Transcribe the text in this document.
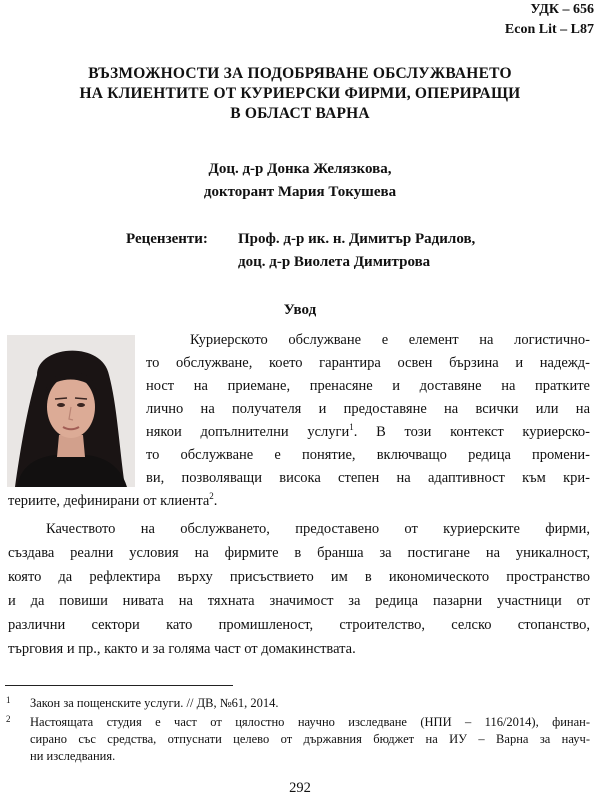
УДК – 656
Econ Lit – L87
ВЪЗМОЖНОСТИ ЗА ПОДОБРЯВАНЕ ОБСЛУЖВАНЕТО
НА КЛИЕНТИТЕ ОТ КУРИЕРСКИ ФИРМИ, ОПЕРИРАЩИ
В ОБЛАСТ ВАРНА
Доц. д-р Донка Желязкова,
докторант Мария Токушева
Рецензенти: Проф. д-р ик. н. Димитър Радилов,
доц. д-р Виолета Димитрова
Увод
Куриерското обслужване е елемент на логистично-
то обслужване, което гарантира освен бързина и надежд-
ност на приемане, пренасяне и доставяне на пратките
лично на получателя и предоставяне на всички или на
някои допълнителни услуги$^1$. В този контекст куриерско-
то обслужване е понятие, включващо редица промени-
ви, позволяващи висока степен на адаптивност към кри-
териите, дефинирани от клиента$^2$.
Качеството на обслужването, предоставено от куриерските фирми,
създава реални условия на фирмите в бранша за постигане на уникалност,
която да рефлектира върху присъствието им в икономическото пространство
и да повиши нивата на тяхната значимост за редица пазарни участници от
различни сектори като промишленост, строителство, селско стопанство,
търговия и пр., както и за голяма част от домакинствата.
1 Закон за пощенските услуги. // ДВ, №61, 2014.
2 Настоящата студия е част от цялостно научно изследване (НПИ – 116/2014), финан-
сирано със средства, отпуснати целево от държавния бюджет на ИУ – Варна за науч-
ни изследвания.
292
